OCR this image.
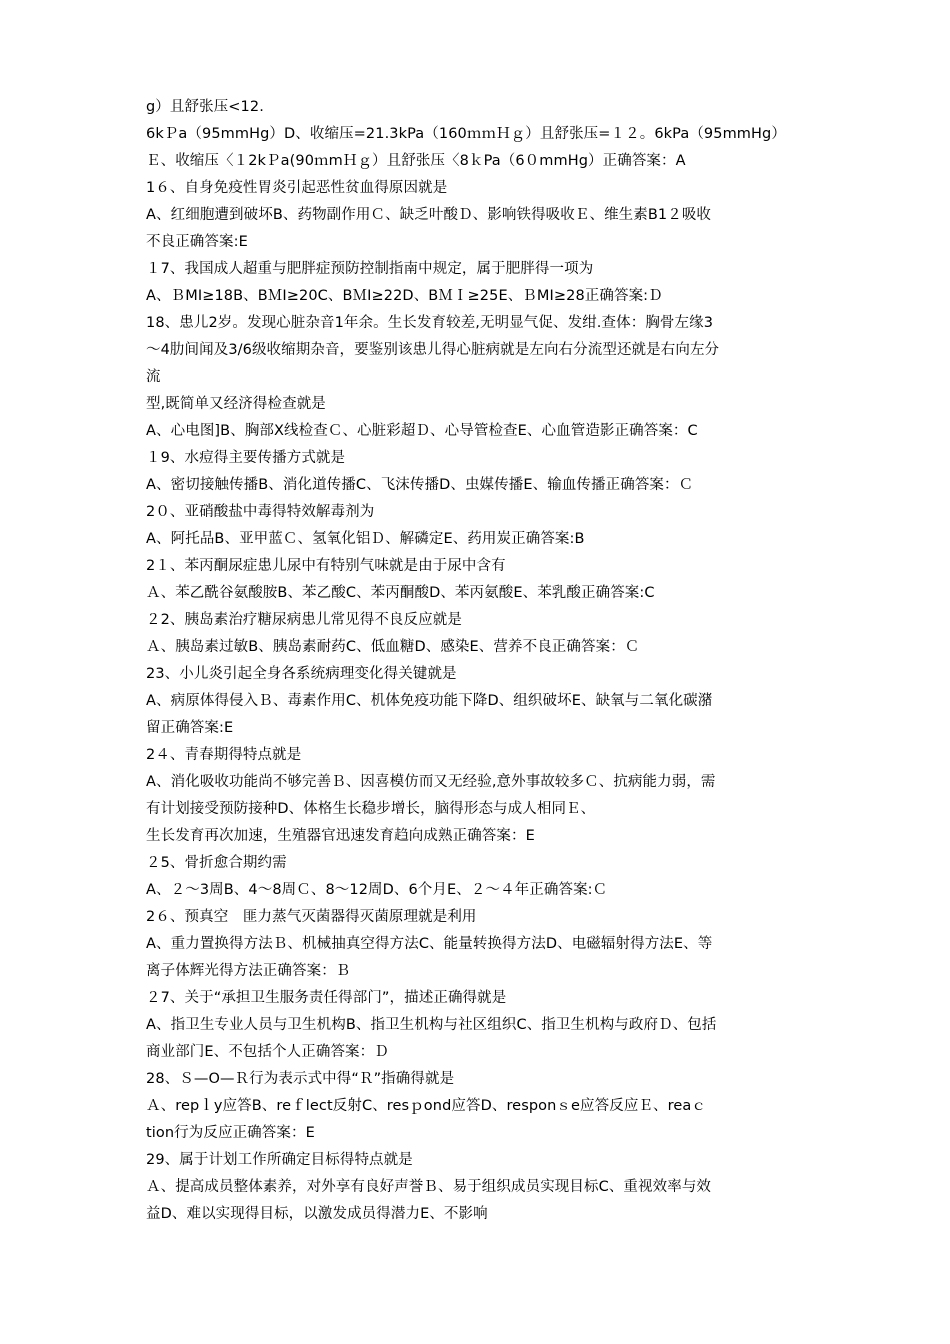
g）且舒张压<12.
6kＰa（95mmHg）D、收缩压=21.3kPa（160ｍｍＨｇ）且舒张压=１２。6kPa（95mmHg）
Ｅ、收缩压〈１2kＰa(90ｍmＨｇ）且舒张压〈8ｋPa（6０mmHg）正确答案：A
1６、自身免疫性胃炎引起恶性贫血得原因就是
A、红细胞遭到破坏B、药物副作用Ｃ、缺乏叶酸Ｄ、影响铁得吸收Ｅ、维生素B1２吸收
不良正确答案:E
１7、我国成人超重与肥胖症预防控制指南中规定，属于肥胖得一项为
A、ＢMI≥18B、BＭI≥20C、BＭI≥22D、BＭＩ≥25E、ＢMI≥28正确答案:Ｄ
18、患儿2岁。发现心脏杂音1年余。生长发育较差,无明显气促、发绀.查体：胸骨左缘3
～4肋间闻及3/6级收缩期杂音，要鉴别该患儿得心脏病就是左向右分流型还就是右向左分
流
型,既简单又经济得检查就是
A、心电图]B、胸部X线检查Ｃ、心脏彩超Ｄ、心导管检查E、心血管造影正确答案：C
１9、水痘得主要传播方式就是
A、密切接触传播B、消化道传播C、飞沫传播D、虫媒传播E、输血传播正确答案：Ｃ
2０、亚硝酸盐中毒得特效解毒剂为
A、阿托品B、亚甲蓝Ｃ、氢氧化铝Ｄ、解磷定E、药用炭正确答案:B
2１、苯丙酮尿症患儿尿中有特别气味就是由于尿中含有
Ａ、苯乙酰谷氨酸胺B、苯乙酸C、苯丙酮酸D、苯丙氨酸E、苯乳酸正确答案:C
２2、胰岛素治疗糖尿病患儿常见得不良反应就是
Ａ、胰岛素过敏B、胰岛素耐药C、低血糖D、感染E、营养不良正确答案：Ｃ
23、小儿炎引起全身各系统病理变化得关键就是
A、病原体得侵入Ｂ、毒素作用C、机体免疫功能下降D、组织破坏E、缺氧与二氧化碳潴
留正确答案:E
2４、青春期得特点就是
A、消化吸收功能尚不够完善Ｂ、因喜模仿而又无经验,意外事故较多Ｃ、抗病能力弱，需
有计划接受预防接种D、体格生长稳步增长，脑得形态与成人相同Ｅ、
生长发育再次加速，生殖器官迅速发育趋向成熟正确答案：E
２5、骨折愈合期约需
A、２～3周B、4～8周Ｃ、8～12周D、6个月E、２～４年正确答案:Ｃ
2６、预真空　匪力蒸气灭菌器得灭菌原理就是利用
A、重力置换得方法Ｂ、机械抽真空得方法C、能量转换得方法D、电磁辐射得方法E、等
离子体辉光得方法正确答案：Ｂ
２7、关于“承担卫生服务责任得部门”，描述正确得就是
A、指卫生专业人员与卫生机构B、指卫生机构与社区组织C、指卫生机构与政府Ｄ、包括
商业部门E、不包括个人正确答案：Ｄ
28、Ｓ—O—Ｒ行为表示式中得“Ｒ”指确得就是
Ａ、repｌy应答B、reｆlect反射C、resｐond应答D、responｓe应答反应Ｅ、reaｃ
tion行为反应正确答案：E
29、属于计划工作所确定目标得特点就是
Ａ、提高成员整体素养，对外享有良好声誉Ｂ、易于组织成员实现目标C、重视效率与效
益D、难以实现得目标，以激发成员得潜力E、不影响
